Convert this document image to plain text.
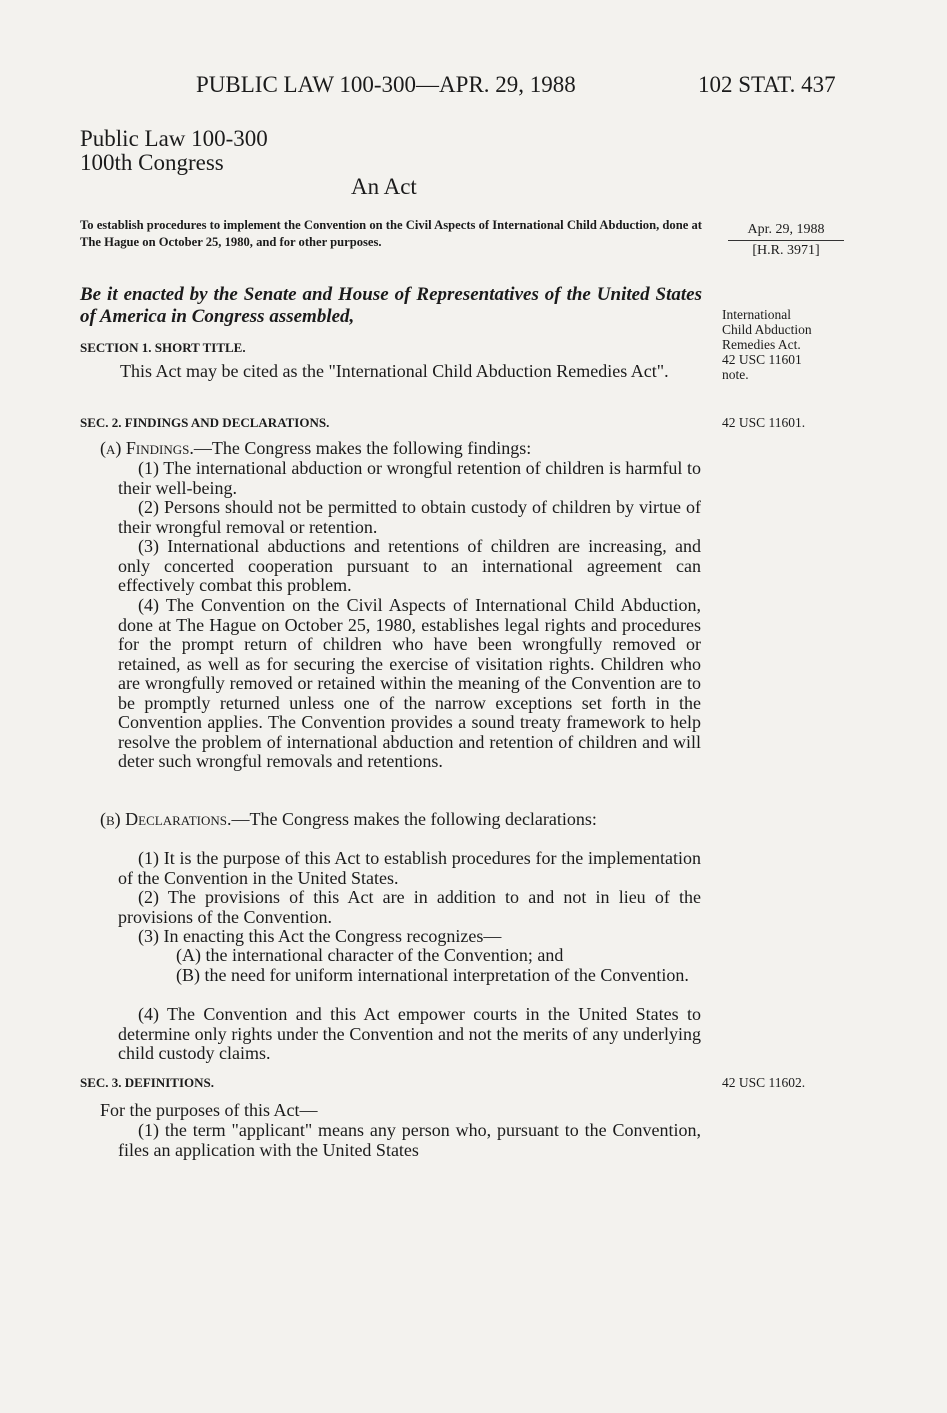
PUBLIC LAW 100-300—APR. 29, 1988	102 STAT. 437
Public Law 100-300
100th Congress
An Act
To establish procedures to implement the Convention on the Civil Aspects of International Child Abduction, done at The Hague on October 25, 1980, and for other purposes.
Apr. 29, 1988
[H.R. 3971]
Be it enacted by the Senate and House of Representatives of the United States of America in Congress assembled,	International
Child Abduction
Remedies Act.
42 USC 11601
note.
SECTION 1. SHORT TITLE.
This Act may be cited as the "International Child Abduction Remedies Act".
SEC. 2. FINDINGS AND DECLARATIONS.	42 USC 11601.
(a) Findings.—The Congress makes the following findings:
(1) The international abduction or wrongful retention of children is harmful to their well-being.
(2) Persons should not be permitted to obtain custody of children by virtue of their wrongful removal or retention.
(3) International abductions and retentions of children are increasing, and only concerted cooperation pursuant to an international agreement can effectively combat this problem.
(4) The Convention on the Civil Aspects of International Child Abduction, done at The Hague on October 25, 1980, establishes legal rights and procedures for the prompt return of children who have been wrongfully removed or retained, as well as for securing the exercise of visitation rights. Children who are wrongfully removed or retained within the meaning of the Convention are to be promptly returned unless one of the narrow exceptions set forth in the Convention applies. The Convention provides a sound treaty framework to help resolve the problem of international abduction and retention of children and will deter such wrongful removals and retentions.
(b) Declarations.—The Congress makes the following declarations:
(1) It is the purpose of this Act to establish procedures for the implementation of the Convention in the United States.
(2) The provisions of this Act are in addition to and not in lieu of the provisions of the Convention.
(3) In enacting this Act the Congress recognizes—
(A) the international character of the Convention; and
(B) the need for uniform international interpretation of the Convention.
(4) The Convention and this Act empower courts in the United States to determine only rights under the Convention and not the merits of any underlying child custody claims.
SEC. 3. DEFINITIONS.	42 USC 11602.
For the purposes of this Act—
(1) the term "applicant" means any person who, pursuant to the Convention, files an application with the United States
